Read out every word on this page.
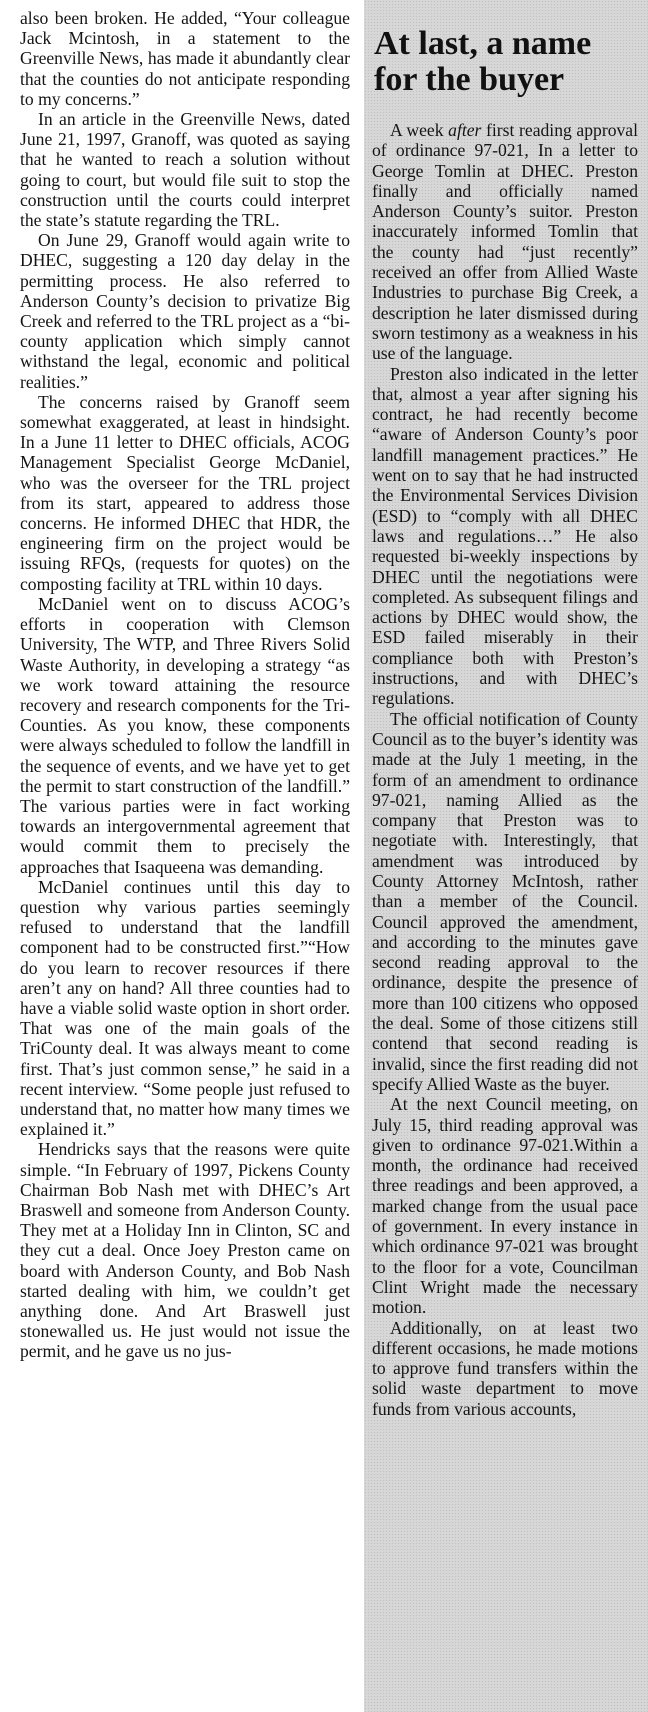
also been broken. He added, “Your colleague Jack Mcintosh, in a statement to the Greenville News, has made it abundantly clear that the counties do not anticipate responding to my concerns.”

In an article in the Greenville News, dated June 21, 1997, Granoff, was quoted as saying that he wanted to reach a solution without going to court, but would file suit to stop the construction until the courts could interpret the state’s statute regarding the TRL.

On June 29, Granoff would again write to DHEC, suggesting a 120 day delay in the permitting process. He also referred to Anderson County’s decision to privatize Big Creek and referred to the TRL project as a “bi-county application which simply cannot withstand the legal, economic and political realities.”

The concerns raised by Granoff seem somewhat exaggerated, at least in hindsight. In a June 11 letter to DHEC officials, ACOG Management Specialist George McDaniel, who was the overseer for the TRL project from its start, appeared to address those concerns. He informed DHEC that HDR, the engineering firm on the project would be issuing RFQs, (requests for quotes) on the composting facility at TRL within 10 days.

McDaniel went on to discuss ACOG’s efforts in cooperation with Clemson University, The WTP, and Three Rivers Solid Waste Authority, in developing a strategy “as we work toward attaining the resource recovery and research components for the Tri-Counties. As you know, these components were always scheduled to follow the landfill in the sequence of events, and we have yet to get the permit to start construction of the landfill.” The various parties were in fact working towards an intergovernmental agreement that would commit them to precisely the approaches that Isaqueena was demanding.

McDaniel continues until this day to question why various parties seemingly refused to understand that the landfill component had to be constructed first.”“How do you learn to recover resources if there aren’t any on hand? All three counties had to have a viable solid waste option in short order. That was one of the main goals of the TriCounty deal. It was always meant to come first. That’s just common sense,” he said in a recent interview. “Some people just refused to understand that, no matter how many times we explained it.”

Hendricks says that the reasons were quite simple. “In February of 1997, Pickens County Chairman Bob Nash met with DHEC’s Art Braswell and someone from Anderson County. They met at a Holiday Inn in Clinton, SC and they cut a deal. Once Joey Preston came on board with Anderson County, and Bob Nash started dealing with him, we couldn’t get anything done. And Art Braswell just stonewalled us. He just would not issue the permit, and he gave us no jus-

At last, a name for the buyer

A week after first reading approval of ordinance 97-021, In a letter to George Tomlin at DHEC. Preston finally and officially named Anderson County’s suitor. Preston inaccurately informed Tomlin that the county had “just recently” received an offer from Allied Waste Industries to purchase Big Creek, a description he later dismissed during sworn testimony as a weakness in his use of the language.

Preston also indicated in the letter that, almost a year after signing his contract, he had recently become “aware of Anderson County’s poor landfill management practices.” He went on to say that he had instructed the Environmental Services Division (ESD) to “comply with all DHEC laws and regulations…” He also requested bi-weekly inspections by DHEC until the negotiations were completed. As subsequent filings and actions by DHEC would show, the ESD failed miserably in their compliance both with Preston’s instructions, and with DHEC’s regulations.

The official notification of County Council as to the buyer’s identity was made at the July 1 meeting, in the form of an amendment to ordinance 97-021, naming Allied as the company that Preston was to negotiate with. Interestingly, that amendment was introduced by County Attorney McIntosh, rather than a member of the Council. Council approved the amendment, and according to the minutes gave second reading approval to the ordinance, despite the presence of more than 100 citizens who opposed the deal. Some of those citizens still contend that second reading is invalid, since the first reading did not specify Allied Waste as the buyer.

At the next Council meeting, on July 15, third reading approval was given to ordinance 97-021.Within a month, the ordinance had received three readings and been approved, a marked change from the usual pace of government. In every instance in which ordinance 97-021 was brought to the floor for a vote, Councilman Clint Wright made the necessary motion.

Additionally, on at least two different occasions, he made motions to approve fund transfers within the solid waste department to move funds from various accounts,
